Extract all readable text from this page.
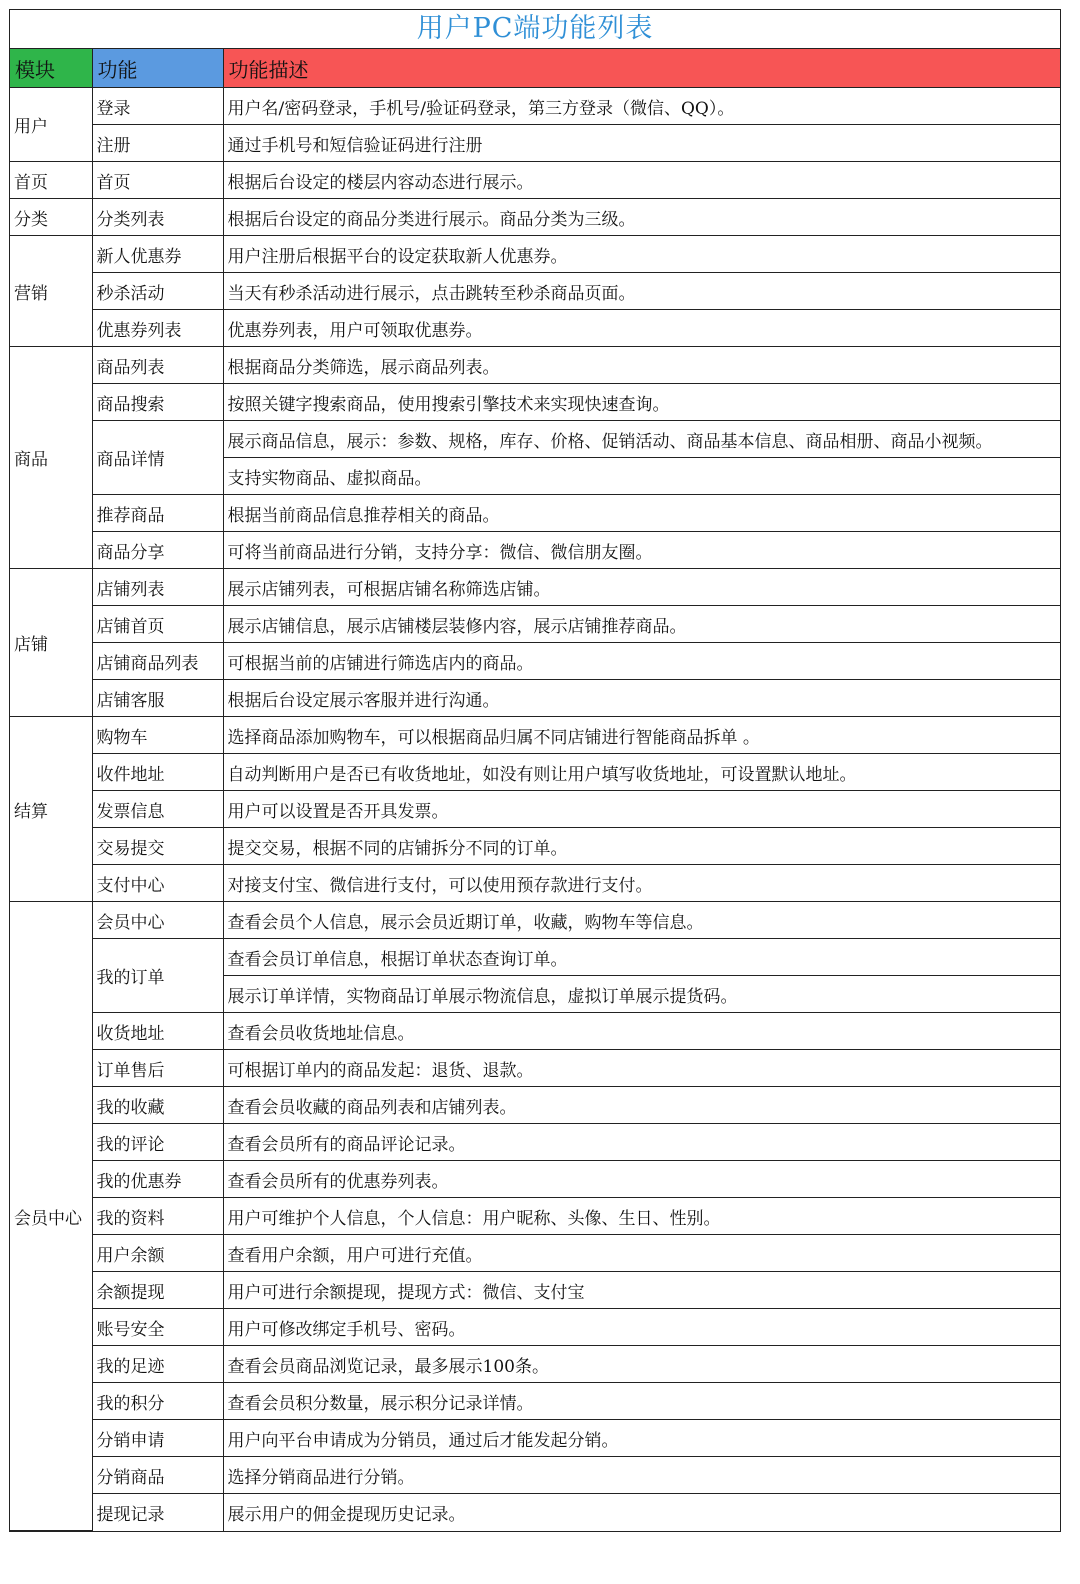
用户PC端功能列表
模块	功能	功能描述
用户	登录	用户名/密码登录，手机号/验证码登录，第三方登录（微信、QQ）。
	注册	通过手机号和短信验证码进行注册
首页	首页	根据后台设定的楼层内容动态进行展示。
分类	分类列表	根据后台设定的商品分类进行展示。商品分类为三级。
营销	新人优惠券	用户注册后根据平台的设定获取新人优惠券。
	秒杀活动	当天有秒杀活动进行展示，点击跳转至秒杀商品页面。
	优惠券列表	优惠券列表，用户可领取优惠券。
商品	商品列表	根据商品分类筛选，展示商品列表。
	商品搜索	按照关键字搜索商品，使用搜索引擎技术来实现快速查询。
	商品详情	展示商品信息，展示：参数、规格，库存、价格、促销活动、商品基本信息、商品相册、商品小视频。
		支持实物商品、虚拟商品。
	推荐商品	根据当前商品信息推荐相关的商品。
	商品分享	可将当前商品进行分销，支持分享：微信、微信朋友圈。
店铺	店铺列表	展示店铺列表，可根据店铺名称筛选店铺。
	店铺首页	展示店铺信息，展示店铺楼层装修内容，展示店铺推荐商品。
	店铺商品列表	可根据当前的店铺进行筛选店内的商品。
	店铺客服	根据后台设定展示客服并进行沟通。
结算	购物车	选择商品添加购物车，可以根据商品归属不同店铺进行智能商品拆单 。
	收件地址	自动判断用户是否已有收货地址，如没有则让用户填写收货地址，可设置默认地址。
	发票信息	用户可以设置是否开具发票。
	交易提交	提交交易，根据不同的店铺拆分不同的订单。
	支付中心	对接支付宝、微信进行支付，可以使用预存款进行支付。
会员中心	会员中心	查看会员个人信息，展示会员近期订单，收藏，购物车等信息。
	我的订单	查看会员订单信息，根据订单状态查询订单。
		展示订单详情，实物商品订单展示物流信息，虚拟订单展示提货码。
	收货地址	查看会员收货地址信息。
	订单售后	可根据订单内的商品发起：退货、退款。
	我的收藏	查看会员收藏的商品列表和店铺列表。
	我的评论	查看会员所有的商品评论记录。
	我的优惠券	查看会员所有的优惠券列表。
	我的资料	用户可维护个人信息，个人信息：用户昵称、头像、生日、性别。
	用户余额	查看用户余额，用户可进行充值。
	余额提现	用户可进行余额提现，提现方式：微信、支付宝
	账号安全	用户可修改绑定手机号、密码。
	我的足迹	查看会员商品浏览记录，最多展示100条。
	我的积分	查看会员积分数量，展示积分记录详情。
	分销申请	用户向平台申请成为分销员，通过后才能发起分销。
	分销商品	选择分销商品进行分销。
	提现记录	展示用户的佣金提现历史记录。
